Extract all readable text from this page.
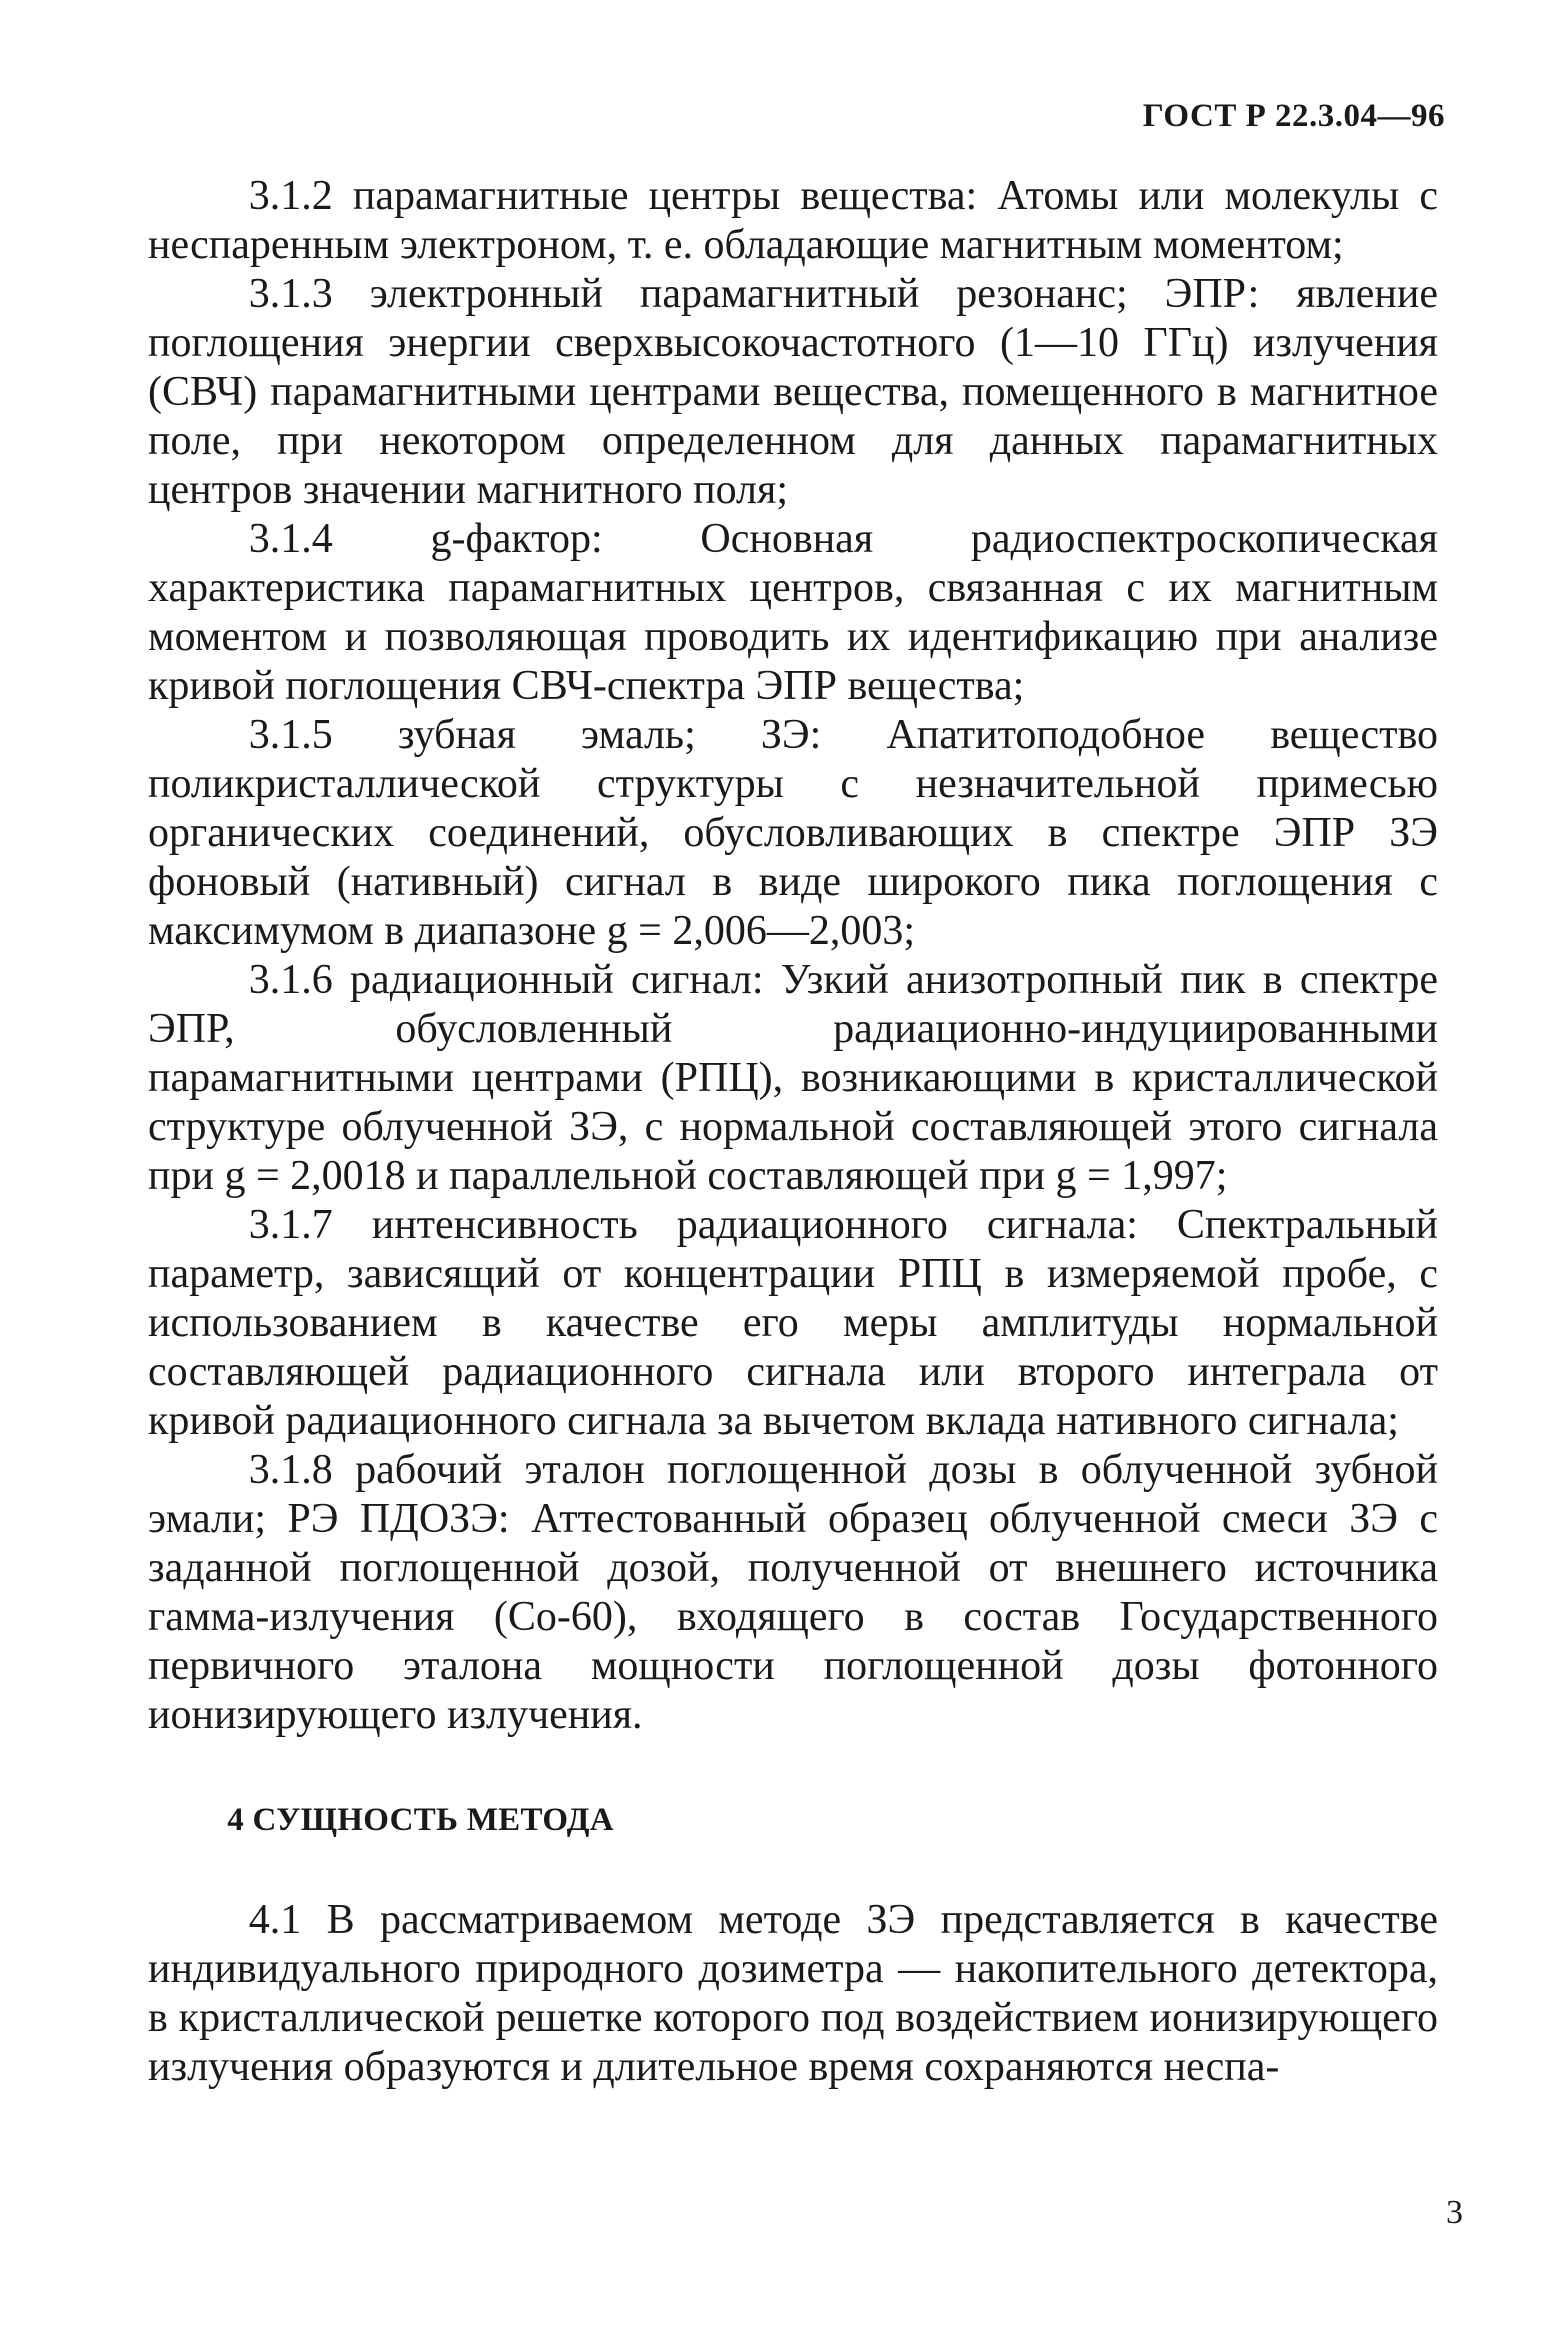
ГОСТ Р 22.3.04—96

3.1.2 парамагнитные центры вещества: Атомы или молекулы с неспаренным электроном, т. е. обладающие магнитным моментом;

3.1.3 электронный парамагнитный резонанс; ЭПР: явление поглощения энергии сверхвысокочастотного (1—10 ГГц) излучения (СВЧ) парамагнитными центрами вещества, помещенного в магнитное поле, при некотором определенном для данных парамагнитных центров значении магнитного поля;

3.1.4 g-фактор: Основная радиоспектроскопическая характеристика парамагнитных центров, связанная с их магнитным моментом и позволяющая проводить их идентификацию при анализе кривой поглощения СВЧ-спектра ЭПР вещества;

3.1.5 зубная эмаль; ЗЭ: Апатитоподобное вещество поликристаллической структуры с незначительной примесью органических соединений, обусловливающих в спектре ЭПР ЗЭ фоновый (нативный) сигнал в виде широкого пика поглощения с максимумом в диапазоне g = 2,006—2,003;

3.1.6 радиационный сигнал: Узкий анизотропный пик в спектре ЭПР, обусловленный радиационно-индуциированными парамагнитными центрами (РПЦ), возникающими в кристаллической структуре облученной ЗЭ, с нормальной составляющей этого сигнала при g = 2,0018 и параллельной составляющей при g = 1,997;

3.1.7 интенсивность радиационного сигнала: Спектральный параметр, зависящий от концентрации РПЦ в измеряемой пробе, с использованием в качестве его меры амплитуды нормальной составляющей радиационного сигнала или второго интеграла от кривой радиационного сигнала за вычетом вклада нативного сигнала;

3.1.8 рабочий эталон поглощенной дозы в облученной зубной эмали; РЭ ПДОЗЭ: Аттестованный образец облученной смеси ЗЭ с заданной поглощенной дозой, полученной от внешнего источника гамма-излучения (Со-60), входящего в состав Государственного первичного эталона мощности поглощенной дозы фотонного ионизирующего излучения.

4 СУЩНОСТЬ МЕТОДА

4.1 В рассматриваемом методе ЗЭ представляется в качестве индивидуального природного дозиметра — накопительного детектора, в кристаллической решетке которого под воздействием ионизирующего излучения образуются и длительное время сохраняются неспа-

3
